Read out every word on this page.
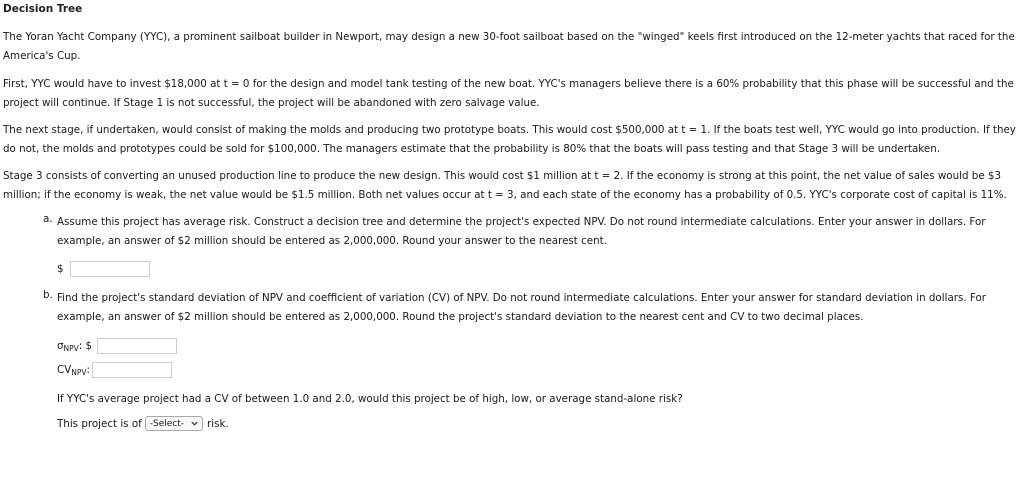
Decision Tree

The Yoran Yacht Company (YYC), a prominent sailboat builder in Newport, may design a new 30-foot sailboat based on the "winged" keels first introduced on the 12-meter yachts that raced for the America's Cup.

First, YYC would have to invest $18,000 at t = 0 for the design and model tank testing of the new boat. YYC's managers believe there is a 60% probability that this phase will be successful and the project will continue. If Stage 1 is not successful, the project will be abandoned with zero salvage value.

The next stage, if undertaken, would consist of making the molds and producing two prototype boats. This would cost $500,000 at t = 1. If the boats test well, YYC would go into production. If they do not, the molds and prototypes could be sold for $100,000. The managers estimate that the probability is 80% that the boats will pass testing and that Stage 3 will be undertaken.

Stage 3 consists of converting an unused production line to produce the new design. This would cost $1 million at t = 2. If the economy is strong at this point, the net value of sales would be $3 million; if the economy is weak, the net value would be $1.5 million. Both net values occur at t = 3, and each state of the economy has a probability of 0.5. YYC's corporate cost of capital is 11%.

a. Assume this project has average risk. Construct a decision tree and determine the project's expected NPV. Do not round intermediate calculations. Enter your answer in dollars. For example, an answer of $2 million should be entered as 2,000,000. Round your answer to the nearest cent.
$
b. Find the project's standard deviation of NPV and coefficient of variation (CV) of NPV. Do not round intermediate calculations. Enter your answer for standard deviation in dollars. For example, an answer of $2 million should be entered as 2,000,000. Round the project's standard deviation to the nearest cent and CV to two decimal places.
$\sigma_{NPV}$: $
$CV_{NPV}$:
If YYC's average project had a CV of between 1.0 and 2.0, would this project be of high, low, or average stand-alone risk?
This project is of -Select- risk.
